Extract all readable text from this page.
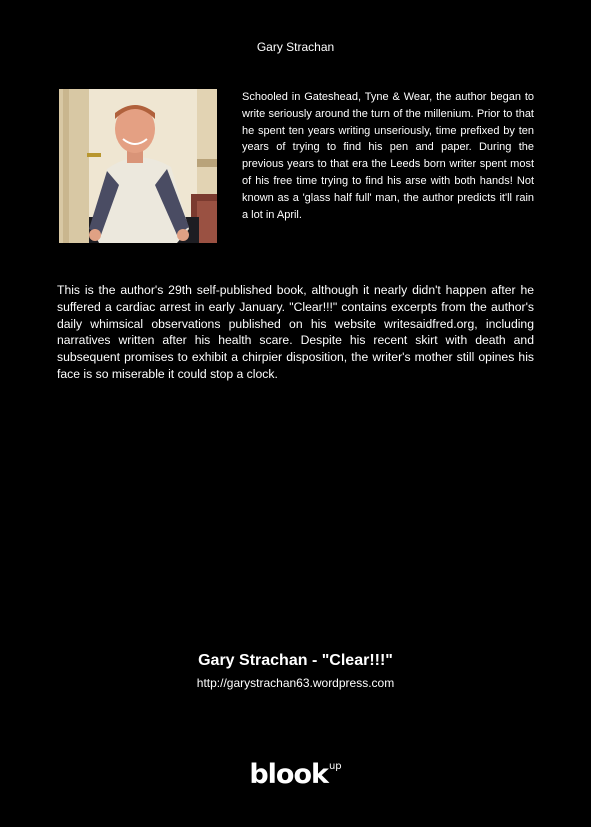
Gary Strachan

Schooled in Gateshead, Tyne & Wear, the author began to write seriously around the turn of the millenium. Prior to that he spent ten years writing unseriously, time prefixed by ten years of trying to find his pen and paper. During the previous years to that era the Leeds born writer spent most of his free time trying to find his arse with both hands! Not known as a 'glass half full' man, the author predicts it'll rain a lot in April.

This is the author's 29th self-published book, although it nearly didn't happen after he suffered a cardiac arrest in early January. "Clear!!!" contains excerpts from the author's daily whimsical observations published on his website writesaidfred.org, including narratives written after his health scare. Despite his recent skirt with death and subsequent promises to exhibit a chirpier disposition, the writer's mother still opines his face is so miserable it could stop a clock.

Gary Strachan - "Clear!!!"
http://garystrachan63.wordpress.com
blook$^{up}$
